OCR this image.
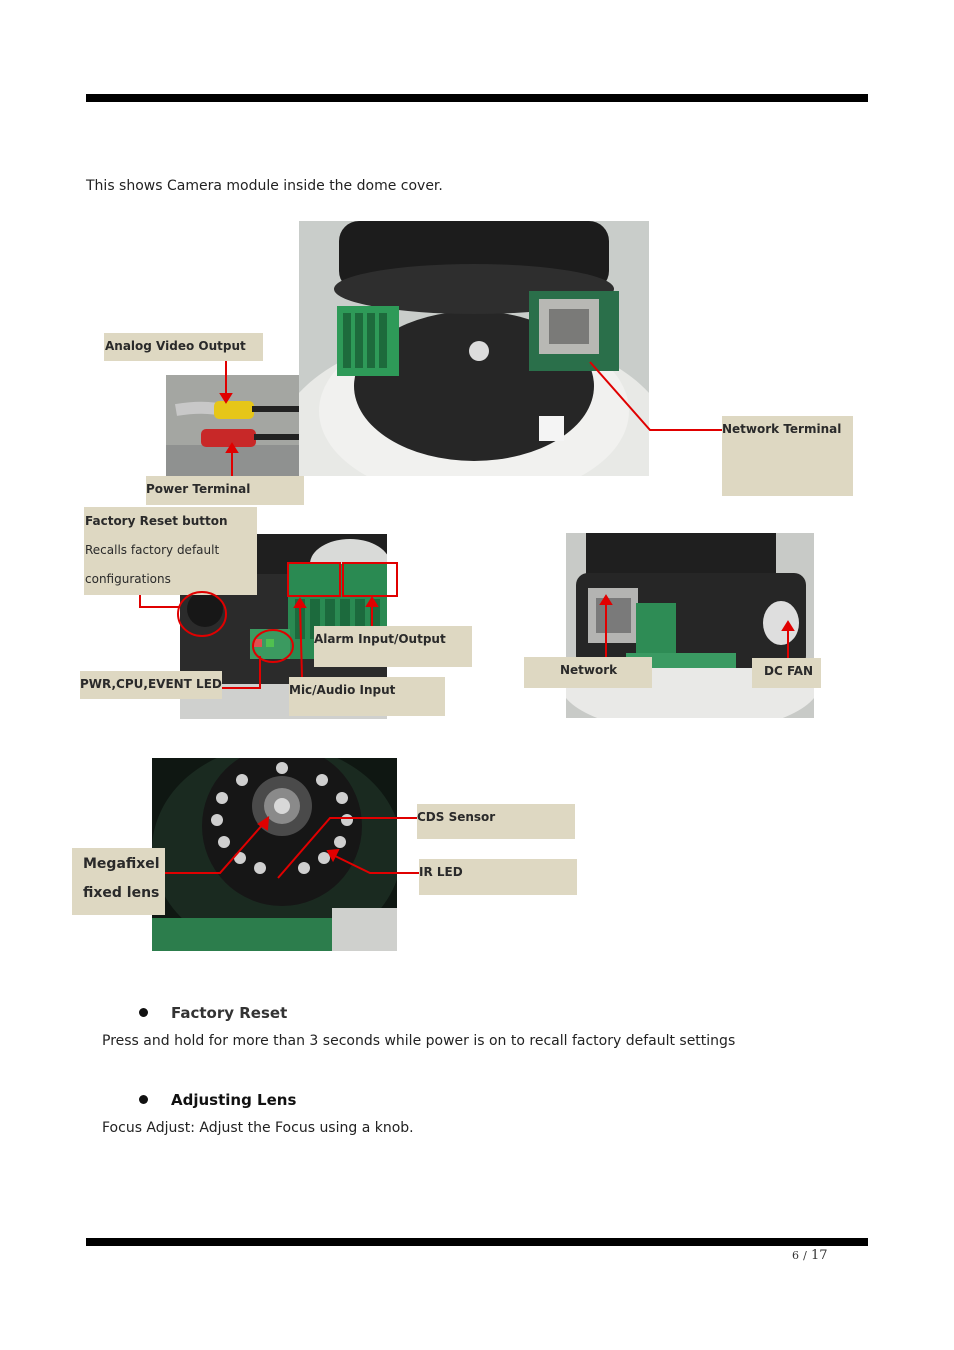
This shows Camera module inside the dome cover.
Analog Video Output
Power Terminal
Network Terminal
Factory Reset button
Recalls factory default
configurations
Alarm Input/Output
PWR,CPU,EVENT LED	Mic/Audio Input
Network	DC FAN
CDS Sensor
IR LED
Megafixel
fixed lens
Factory Reset
Press and hold for more than 3 seconds while power is on to recall factory default settings
Adjusting Lens
Focus Adjust: Adjust the Focus using a knob.
6 / 17
